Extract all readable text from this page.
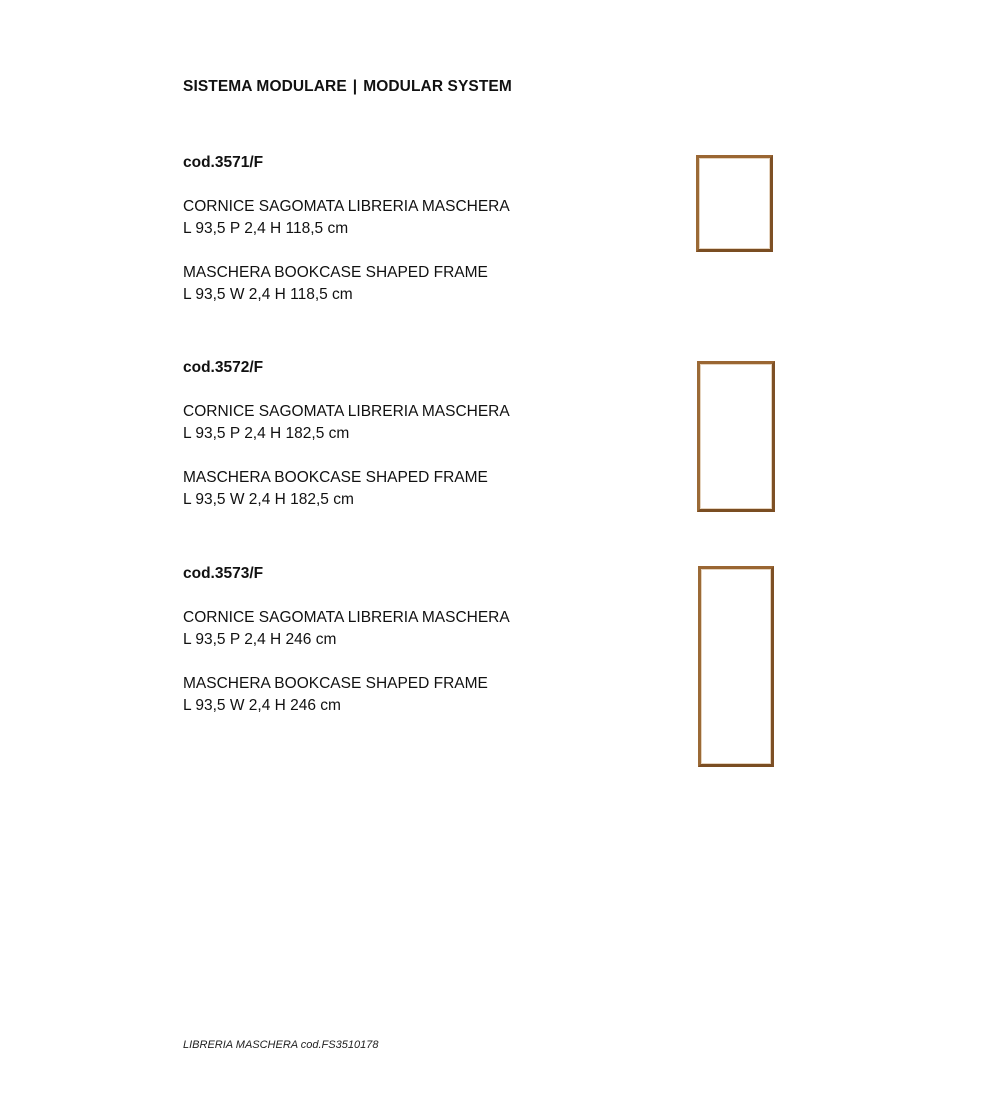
SISTEMA MODULARE | MODULAR SYSTEM

cod.3571/F

CORNICE SAGOMATA LIBRERIA MASCHERA

L 93,5 P 2,4 H 118,5 cm

MASCHERA BOOKCASE SHAPED FRAME

L 93,5 W 2,4 H 118,5 cm

cod.3572/F

CORNICE SAGOMATA LIBRERIA MASCHERA

L 93,5 P 2,4 H 182,5 cm

MASCHERA BOOKCASE SHAPED FRAME

L 93,5 W 2,4 H 182,5 cm

cod.3573/F

CORNICE SAGOMATA LIBRERIA MASCHERA

L 93,5 P 2,4 H 246 cm

MASCHERA BOOKCASE SHAPED FRAME

L 93,5 W 2,4 H 246 cm

LIBRERIA MASCHERA cod.FS3510178
